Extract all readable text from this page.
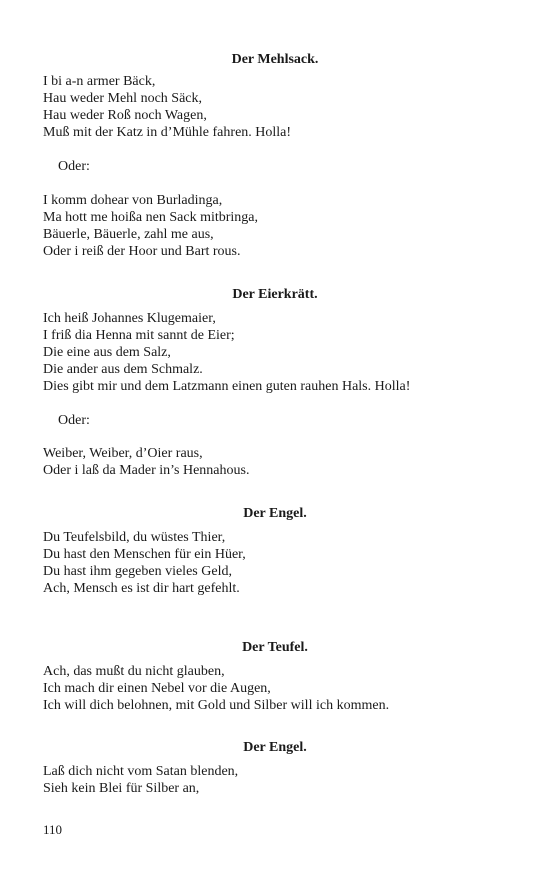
Der Mehlsack.
I bi a-n armer Bäck,
Hau weder Mehl noch Säck,
Hau weder Roß noch Wagen,
Muß mit der Katz in d’Mühle fahren. Holla!

Oder:

I komm dohear von Burladinga,
Ma hott me hoißa nen Sack mitbringa,
Bäuerle, Bäuerle, zahl me aus,
Oder i reiß der Hoor und Bart rous.
Der Eierkrätt.
Ich heiß Johannes Klugemaier,
I friß dia Henna mit sannt de Eier;
Die eine aus dem Salz,
Die ander aus dem Schmalz.
Dies gibt mir und dem Latzmann einen guten rauhen Hals. Holla!

Oder:

Weiber, Weiber, d’Oier raus,
Oder i laß da Mader in’s Hennahous.
Der Engel.
Du Teufelsbild, du wüstes Thier,
Du hast den Menschen für ein Hüer,
Du hast ihm gegeben vieles Geld,
Ach, Mensch es ist dir hart gefehlt.
Der Teufel.
Ach, das mußt du nicht glauben,
Ich mach dir einen Nebel vor die Augen,
Ich will dich belohnen, mit Gold und Silber will ich kommen.
Der Engel.
Laß dich nicht vom Satan blenden,
Sieh kein Blei für Silber an,

110
